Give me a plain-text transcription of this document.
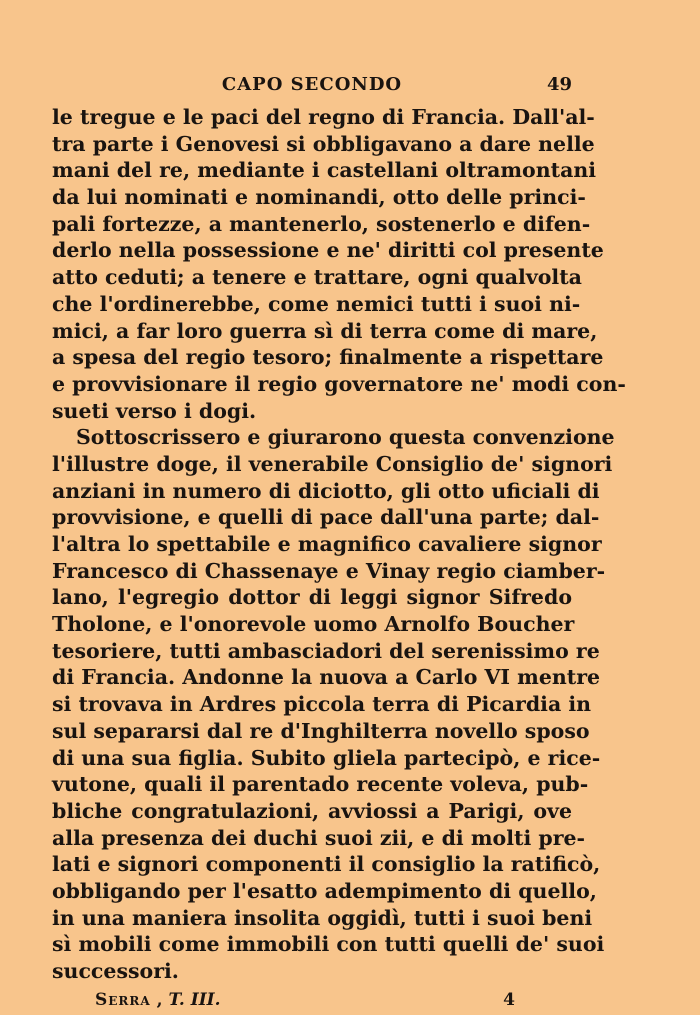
CAPO SECONDO	49
le tregue e le paci del regno di Francia. Dall'al-
tra parte i Genovesi si obbligavano a dare nelle
mani del re, mediante i castellani oltramontani
da lui nominati e nominandi, otto delle princi-
pali fortezze, a mantenerlo, sostenerlo e difen-
derlo nella possessione e ne' diritti col presente
atto ceduti; a tenere e trattare, ogni qualvolta
che l'ordinerebbe, come nemici tutti i suoi ni-
mici, a far loro guerra sì di terra come di mare,
a spesa del regio tesoro; finalmente a rispettare
e provvisionare il regio governatore ne' modi con-
sueti verso i dogi.
Sottoscrissero e giurarono questa convenzione
l'illustre doge, il venerabile Consiglio de' signori
anziani in numero di diciotto, gli otto uficiali di
provvisione, e quelli di pace dall'una parte; dal-
l'altra lo spettabile e magnifico cavaliere signor
Francesco di Chassenaye e Vinay regio ciamber-
lano, l'egregio dottor di leggi signor Sifredo
Tholone, e l'onorevole uomo Arnolfo Boucher
tesoriere, tutti ambasciadori del serenissimo re
di Francia. Andonne la nuova a Carlo VI mentre
si trovava in Ardres piccola terra di Picardia in
sul separarsi dal re d'Inghilterra novello sposo
di una sua figlia. Subito gliela partecipò, e rice-
vutone, quali il parentado recente voleva, pub-
bliche congratulazioni, avviossi a Parigi, ove
alla presenza dei duchi suoi zii, e di molti pre-
lati e signori componenti il consiglio la ratificò,
obbligando per l'esatto adempimento di quello,
in una maniera insolita oggidì, tutti i suoi beni
sì mobili come immobili con tutti quelli de' suoi
successori.
Serra , T. III.	4
